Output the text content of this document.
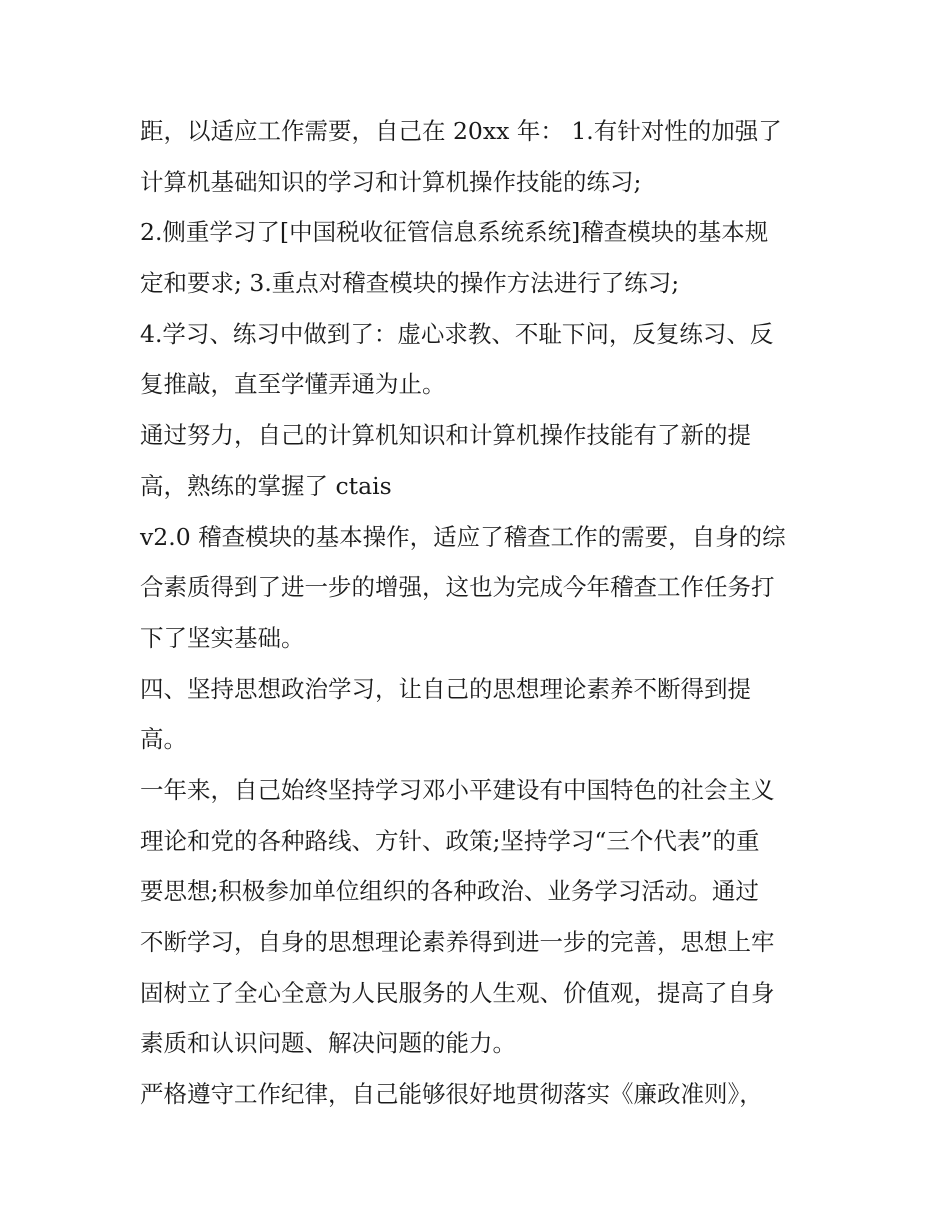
距，以适应工作需要，自己在 20xx 年： 1.有针对性的加强了
计算机基础知识的学习和计算机操作技能的练习;
2.侧重学习了[中国税收征管信息系统系统]稽查模块的基本规
定和要求; 3.重点对稽查模块的操作方法进行了练习;
4.学习、练习中做到了：虚心求教、不耻下问，反复练习、反
复推敲，直至学懂弄通为止。
通过努力，自己的计算机知识和计算机操作技能有了新的提
高，熟练的掌握了 ctais
v2.0 稽查模块的基本操作，适应了稽查工作的需要，自身的综
合素质得到了进一步的增强，这也为完成今年稽查工作任务打
下了坚实基础。
四、坚持思想政治学习，让自己的思想理论素养不断得到提
高。
一年来，自己始终坚持学习邓小平建设有中国特色的社会主义
理论和党的各种路线、方针、政策;坚持学习“三个代表”的重
要思想;积极参加单位组织的各种政治、业务学习活动。通过
不断学习，自身的思想理论素养得到进一步的完善，思想上牢
固树立了全心全意为人民服务的人生观、价值观，提高了自身
素质和认识问题、解决问题的能力。
严格遵守工作纪律，自己能够很好地贯彻落实《廉政准则》，
